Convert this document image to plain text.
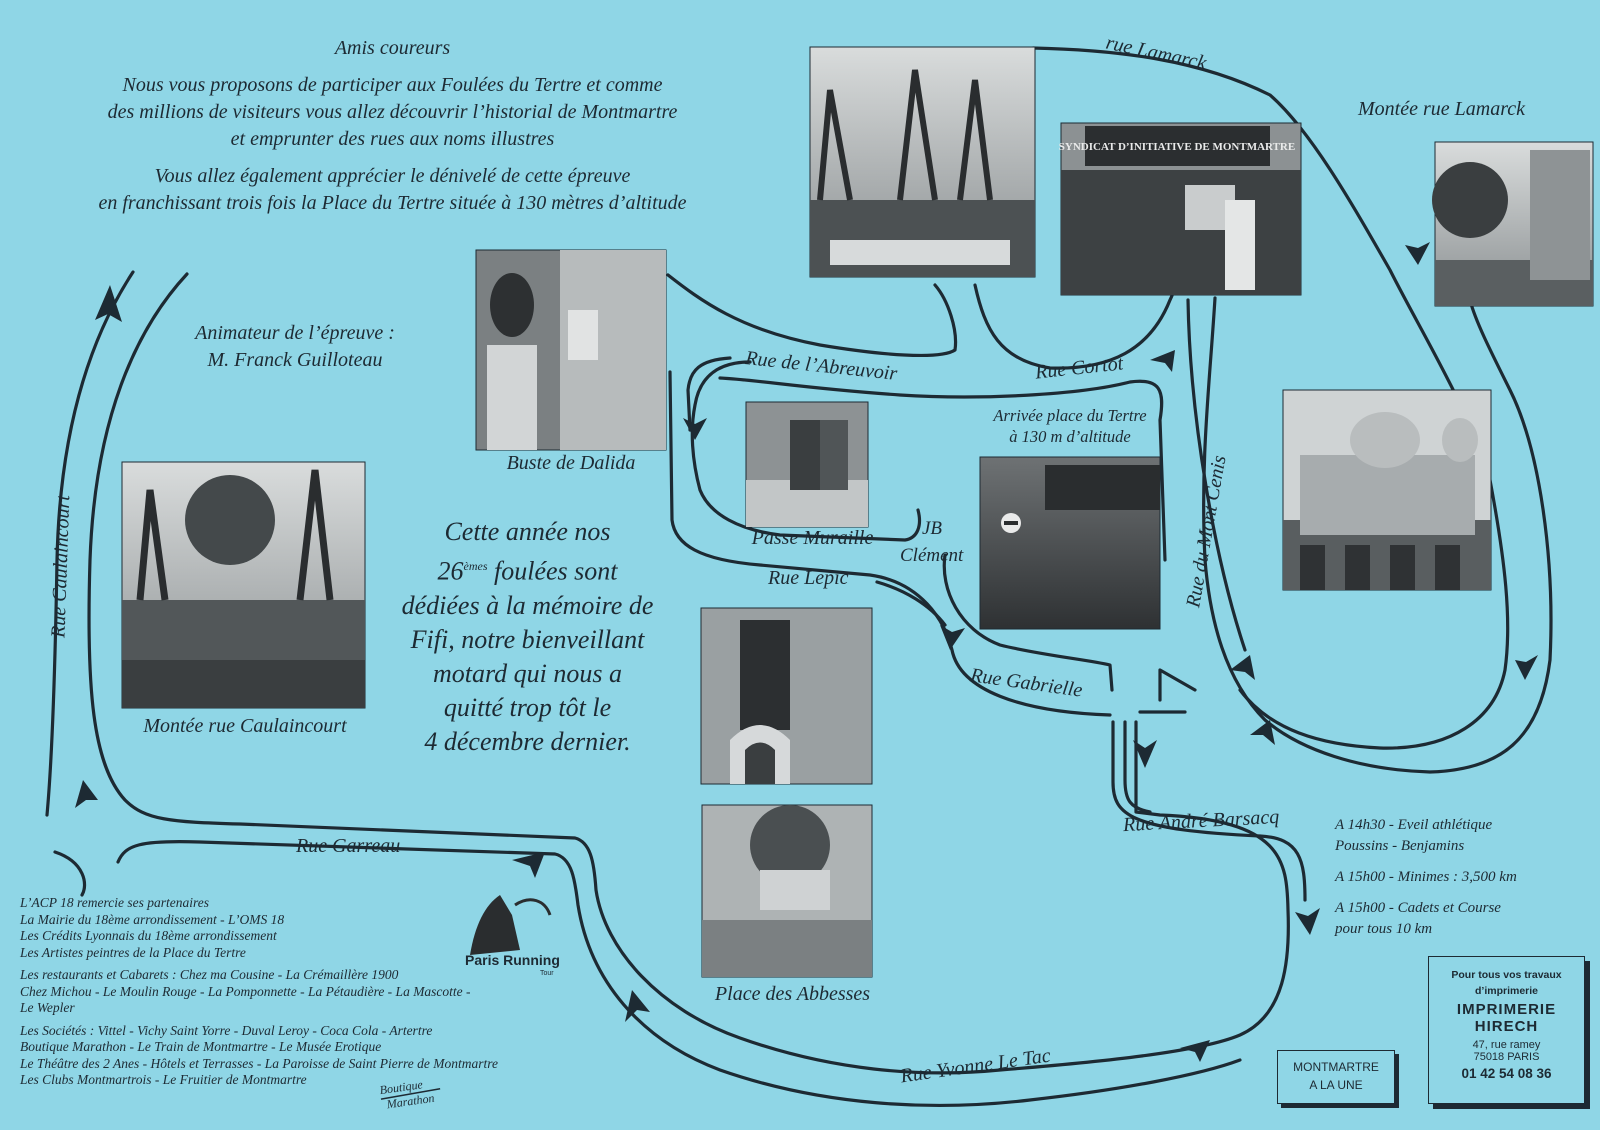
SYNDICAT D’INITIATIVE DE MONTMARTRE
Paris Running
Tour
Boutique
Marathon
Amis coureurs
Nous vous proposons de participer aux Foulées du Tertre et comme
des millions de visiteurs vous allez découvrir l’historial de Montmartre
et emprunter des rues aux noms illustres
Vous allez également apprécier le dénivelé de cette épreuve
en franchissant trois fois la Place du Tertre située à 130 mètres d’altitude
Animateur de l’épreuve :
M. Franck Guilloteau
Cette année nos
26èmes foulées sont
dédiées à la mémoire de
Fifi, notre bienveillant
motard qui nous a
quitté trop tôt le
4 décembre dernier.
rue Lamarck
Montée rue Lamarck
Rue de l’Abreuvoir	Rue Cortot
Rue du Mont Cenis
Rue Caulaincourt	Rue Lepic
Rue Gabrielle
Rue André Barsacq
Rue Garreau
Rue Yvonne Le Tac
JB
Clément
Buste de Dalida
Passe Muraille
Montée rue Caulaincourt
Place des Abbesses
Arrivée place du Tertre
à 130 m d’altitude
L’ACP 18 remercie ses partenaires
La Mairie du 18ème arrondissement - L’OMS 18
Les Crédits Lyonnais du 18ème arrondissement
Les Artistes peintres de la Place du Tertre
Les restaurants et Cabarets : Chez ma Cousine - La Crémaillère 1900
Chez Michou - Le Moulin Rouge - La Pomponnette - La Pétaudière - La Mascotte -
Le Wepler
Les Sociétés : Vittel - Vichy Saint Yorre - Duval Leroy - Coca Cola - Artertre
Boutique Marathon - Le Train de Montmartre - Le Musée Erotique
Le Théâtre des 2 Anes - Hôtels et Terrasses - La Paroisse de Saint Pierre de Montmartre
Les Clubs Montmartrois - Le Fruitier de Montmartre
A 14h30 - Eveil athlétique
Poussins - Benjamins
A 15h00 - Minimes : 3,500 km
A 15h00 - Cadets et Course
pour tous 10 km
Pour tous vos travaux
d’imprimerie
IMPRIMERIE
HIRECH
47, rue ramey
75018 PARIS
01 42 54 08 36
MONTMARTRE
A LA UNE
